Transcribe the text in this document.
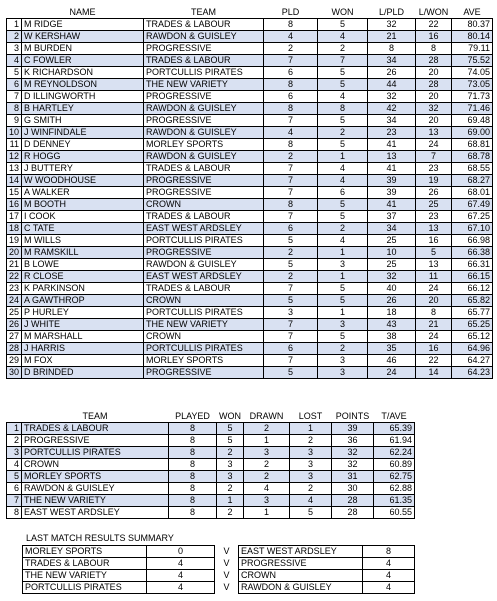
	NAME	TEAM	PLD	WON	L/PLD	L/WON	AVE
1	M RIDGE	TRADES & LABOUR	8	5	32	22	80.37
2	W KERSHAW	RAWDON & GUISLEY	4	4	21	16	80.14
3	M BURDEN	PROGRESSIVE	2	2	8	8	79.11
4	C FOWLER	TRADES & LABOUR	7	7	34	28	75.52
5	K RICHARDSON	PORTCULLIS PIRATES	6	5	26	20	74.05
6	M REYNOLDSON	THE NEW VARIETY	8	5	44	28	73.05
7	D ILLINGWORTH	PROGRESSIVE	6	4	32	20	71.73
8	B HARTLEY	RAWDON & GUISLEY	8	8	42	32	71.46
9	G SMITH	PROGRESSIVE	7	5	34	20	69.48
10	J WINFINDALE	RAWDON & GUISLEY	4	2	23	13	69.00
11	D DENNEY	MORLEY SPORTS	8	5	41	24	68.81
12	R HOGG	RAWDON & GUISLEY	2	1	13	7	68.78
13	J BUTTERY	TRADES & LABOUR	7	4	41	23	68.55
14	W WOODHOUSE	PROGRESSIVE	7	4	39	19	68.27
15	A WALKER	PROGRESSIVE	7	6	39	26	68.01
16	M BOOTH	CROWN	8	5	41	25	67.49
17	I COOK	TRADES & LABOUR	7	5	37	23	67.25
18	C TATE	EAST WEST ARDSLEY	6	2	34	13	67.10
19	M WILLS	PORTCULLIS PIRATES	5	4	25	16	66.98
20	M RAMSKILL	PROGRESSIVE	2	1	10	5	66.38
21	B LOWE	RAWDON & GUISLEY	5	3	25	13	66.31
22	R CLOSE	EAST WEST ARDSLEY	2	1	32	11	66.15
23	K PARKINSON	TRADES & LABOUR	7	5	40	24	66.12
24	A GAWTHROP	CROWN	5	5	26	20	65.82
25	P HURLEY	PORTCULLIS PIRATES	3	1	18	8	65.77
26	J WHITE	THE NEW VARIETY	7	3	43	21	65.25
27	M MARSHALL	CROWN	7	5	38	24	65.12
28	J HARRIS	PORTCULLIS PIRATES	6	2	35	16	64.96
29	M FOX	MORLEY SPORTS	7	3	46	22	64.27
30	D BRINDED	PROGRESSIVE	5	3	24	14	64.23
	TEAM	PLAYED	WON	DRAWN	LOST	POINTS	T/AVE
1	TRADES & LABOUR	8	5	2	1	39	65.39
2	PROGRESSIVE	8	5	1	2	36	61.94
3	PORTCULLIS PIRATES	8	2	3	3	32	62.24
4	CROWN	8	3	2	3	32	60.89
5	MORLEY SPORTS	8	3	2	3	31	62.75
6	RAWDON & GUISLEY	8	2	4	2	30	62.88
7	THE NEW VARIETY	8	1	3	4	28	61.35
8	EAST WEST ARDSLEY	8	2	1	5	28	60.55
LAST MATCH RESULTS SUMMARY
MORLEY SPORTS	0	V	EAST WEST ARDSLEY	8
TRADES & LABOUR	4	V	PROGRESSIVE	4
THE NEW VARIETY	4	V	CROWN	4
PORTCULLIS PIRATES	4	V	RAWDON & GUISLEY	4
